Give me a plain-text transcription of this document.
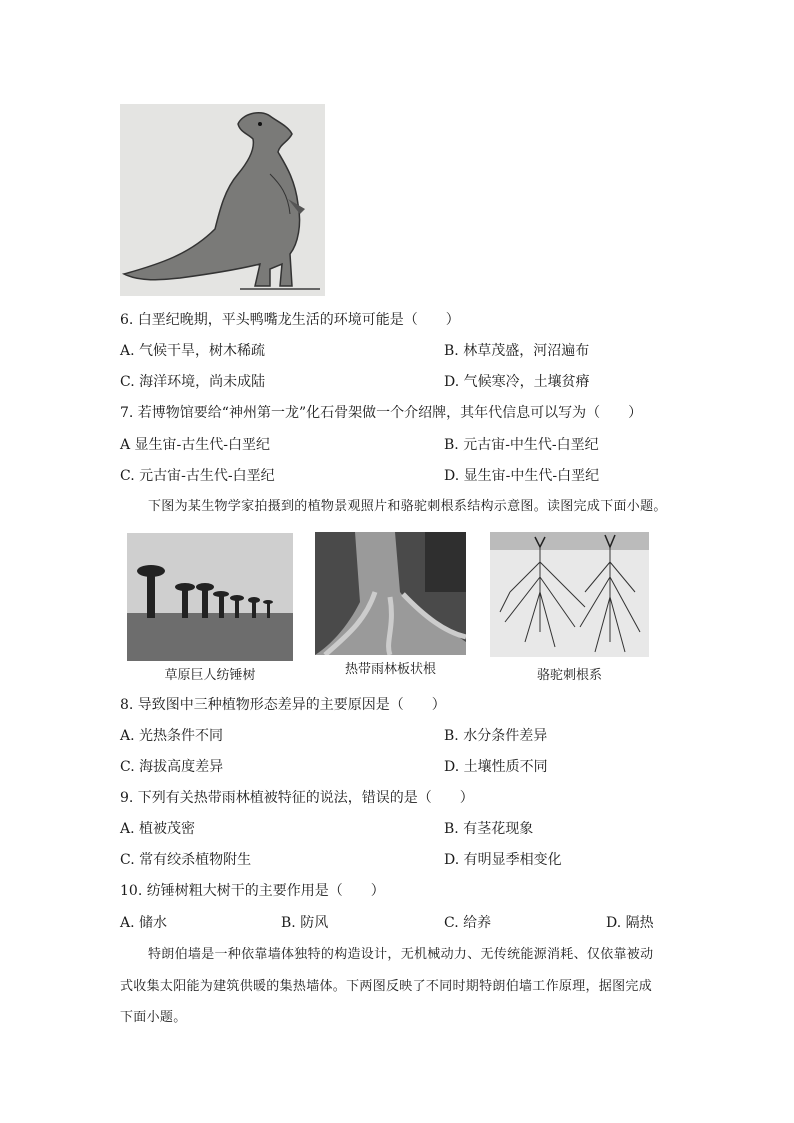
6. 白垩纪晚期，平头鸭嘴龙生活的环境可能是（　　）
A. 气候干旱，树木稀疏	B. 林草茂盛，河沼遍布
C. 海洋环境，尚未成陆	D. 气候寒冷，土壤贫瘠
7. 若博物馆要给“神州第一龙”化石骨架做一个介绍牌，其年代信息可以写为（　　）
A 显生宙-古生代-白垩纪	B. 元古宙-中生代-白垩纪
C. 元古宙-古生代-白垩纪	D. 显生宙-中生代-白垩纪
下图为某生物学家拍摄到的植物景观照片和骆驼刺根系结构示意图。读图完成下面小题。
草原巨人纺锤树	热带雨林板状根	骆驼刺根系
8. 导致图中三种植物形态差异的主要原因是（　　）
A. 光热条件不同	B. 水分条件差异
C. 海拔高度差异	D. 土壤性质不同
9. 下列有关热带雨林植被特征的说法，错误的是（　　）
A. 植被茂密	B. 有茎花现象
C. 常有绞杀植物附生	D. 有明显季相变化
10. 纺锤树粗大树干的主要作用是（　　）
A. 储水	B. 防风	C. 给养	D. 隔热
特朗伯墙是一种依靠墙体独特的构造设计，无机械动力、无传统能源消耗、仅依靠被动
式收集太阳能为建筑供暖的集热墙体。下两图反映了不同时期特朗伯墙工作原理，据图完成
下面小题。
